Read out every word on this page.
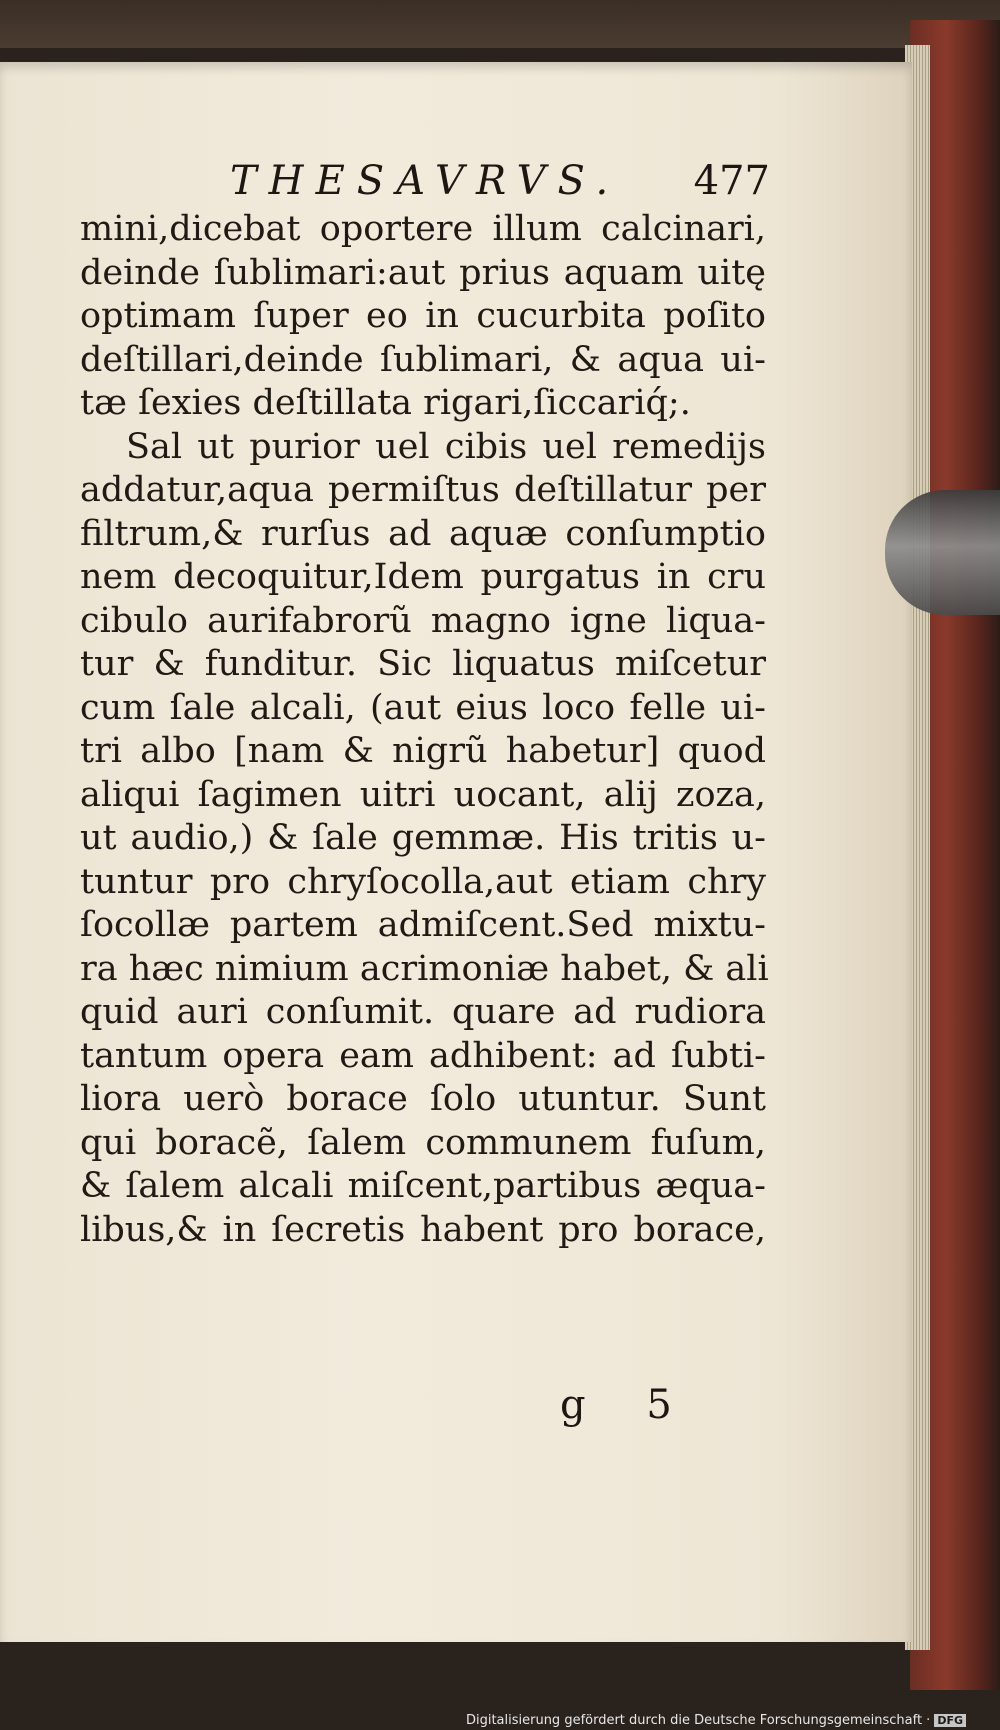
THESAVRVS. 477
mini,dicebat oportere illum calcinari,
deinde ſublimari:aut prius aquam uitę
optimam ſuper eo in cucurbita poſito
deſtillari,deinde ſublimari, & aqua ui-
tæ ſexies deſtillata rigari,ſiccariq́;.
Sal ut purior uel cibis uel remedijs
addatur,aqua permiſtus deſtillatur per
filtrum,& rurſus ad aquæ conſumptio
nem decoquitur,Idem purgatus in cru
cibulo aurifabrorũ magno igne liqua-
tur & funditur. Sic liquatus miſcetur
cum ſale alcali, (aut eius loco felle ui-
tri albo [nam & nigrũ habetur] quod
aliqui ſagimen uitri uocant, alij zoza,
ut audio,) & ſale gemmæ. His tritis u-
tuntur pro chryſocolla,aut etiam chry
ſocollæ partem admiſcent.Sed mixtu-
ra hæc nimium acrimoniæ habet, & ali
quid auri conſumit. quare ad rudiora
tantum opera eam adhibent: ad ſubti-
liora uerò borace ſolo utuntur. Sunt
qui boracẽ, ſalem communem fuſum,
& ſalem alcali miſcent,partibus æqua-
libus,& in ſecretis habent pro borace,
g 5
Digitalisierung gefördert durch die Deutsche Forschungsgemeinschaft · DFG
